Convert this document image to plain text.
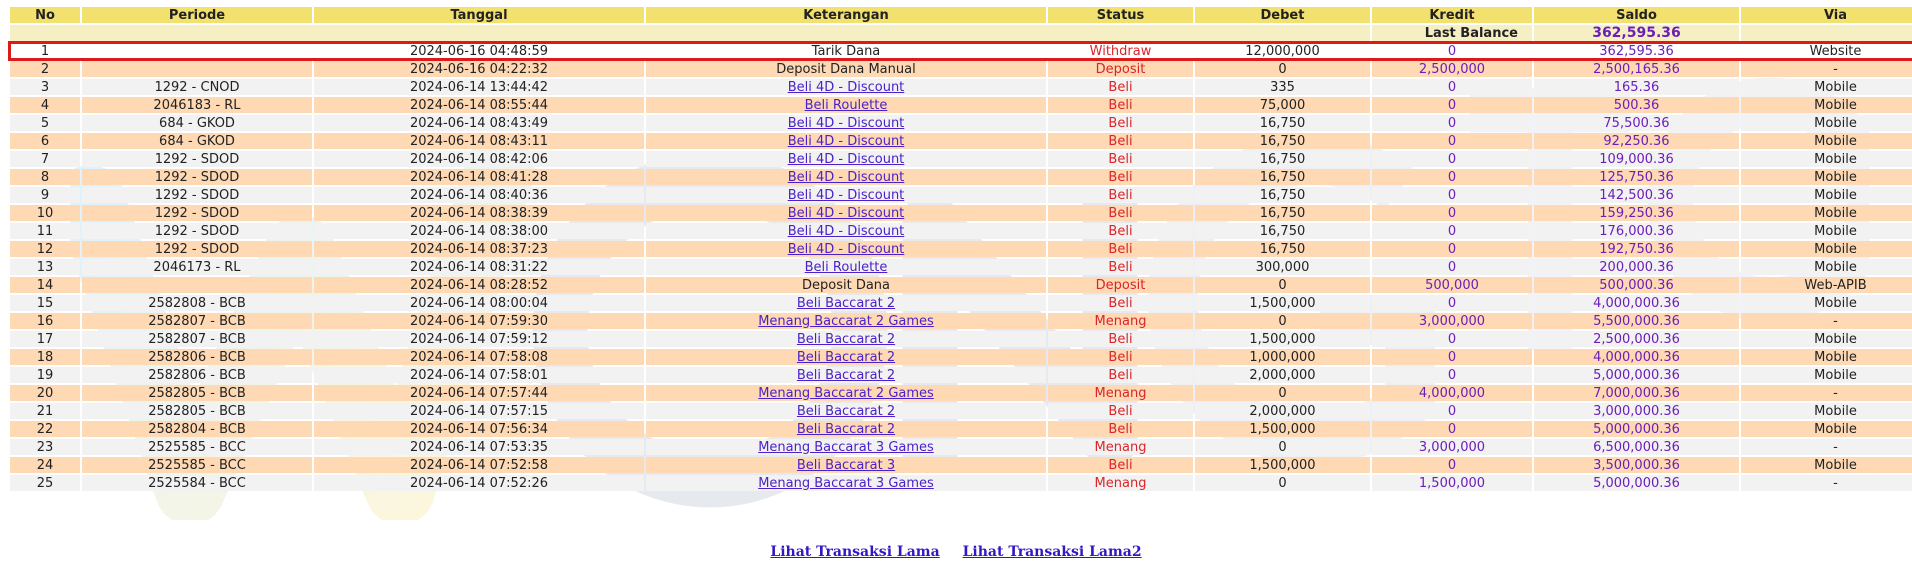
No	Periode	Tanggal	Keterangan	Status	Debet	Kredit	Saldo	Via
						Last Balance	362,595.36	
1		2024-06-16 04:48:59	Tarik Dana	Withdraw	12,000,000	0	362,595.36	Website
2		2024-06-16 04:22:32	Deposit Dana Manual	Deposit	0	2,500,000	2,500,165.36	-
3	1292 - CNOD	2024-06-14 13:44:42	Beli 4D - Discount	Beli	335	0	165.36	Mobile
4	2046183 - RL	2024-06-14 08:55:44	Beli Roulette	Beli	75,000	0	500.36	Mobile
5	684 - GKOD	2024-06-14 08:43:49	Beli 4D - Discount	Beli	16,750	0	75,500.36	Mobile
6	684 - GKOD	2024-06-14 08:43:11	Beli 4D - Discount	Beli	16,750	0	92,250.36	Mobile
7	1292 - SDOD	2024-06-14 08:42:06	Beli 4D - Discount	Beli	16,750	0	109,000.36	Mobile
8	1292 - SDOD	2024-06-14 08:41:28	Beli 4D - Discount	Beli	16,750	0	125,750.36	Mobile
9	1292 - SDOD	2024-06-14 08:40:36	Beli 4D - Discount	Beli	16,750	0	142,500.36	Mobile
10	1292 - SDOD	2024-06-14 08:38:39	Beli 4D - Discount	Beli	16,750	0	159,250.36	Mobile
11	1292 - SDOD	2024-06-14 08:38:00	Beli 4D - Discount	Beli	16,750	0	176,000.36	Mobile
12	1292 - SDOD	2024-06-14 08:37:23	Beli 4D - Discount	Beli	16,750	0	192,750.36	Mobile
13	2046173 - RL	2024-06-14 08:31:22	Beli Roulette	Beli	300,000	0	200,000.36	Mobile
14		2024-06-14 08:28:52	Deposit Dana	Deposit	0	500,000	500,000.36	Web-APIB
15	2582808 - BCB	2024-06-14 08:00:04	Beli Baccarat 2	Beli	1,500,000	0	4,000,000.36	Mobile
16	2582807 - BCB	2024-06-14 07:59:30	Menang Baccarat 2 Games	Menang	0	3,000,000	5,500,000.36	-
17	2582807 - BCB	2024-06-14 07:59:12	Beli Baccarat 2	Beli	1,500,000	0	2,500,000.36	Mobile
18	2582806 - BCB	2024-06-14 07:58:08	Beli Baccarat 2	Beli	1,000,000	0	4,000,000.36	Mobile
19	2582806 - BCB	2024-06-14 07:58:01	Beli Baccarat 2	Beli	2,000,000	0	5,000,000.36	Mobile
20	2582805 - BCB	2024-06-14 07:57:44	Menang Baccarat 2 Games	Menang	0	4,000,000	7,000,000.36	-
21	2582805 - BCB	2024-06-14 07:57:15	Beli Baccarat 2	Beli	2,000,000	0	3,000,000.36	Mobile
22	2582804 - BCB	2024-06-14 07:56:34	Beli Baccarat 2	Beli	1,500,000	0	5,000,000.36	Mobile
23	2525585 - BCC	2024-06-14 07:53:35	Menang Baccarat 3 Games	Menang	0	3,000,000	6,500,000.36	-
24	2525585 - BCC	2024-06-14 07:52:58	Beli Baccarat 3	Beli	1,500,000	0	3,500,000.36	Mobile
25	2525584 - BCC	2024-06-14 07:52:26	Menang Baccarat 3 Games	Menang	0	1,500,000	5,000,000.36	-
Lihat Transaksi Lama Lihat Transaksi Lama2
